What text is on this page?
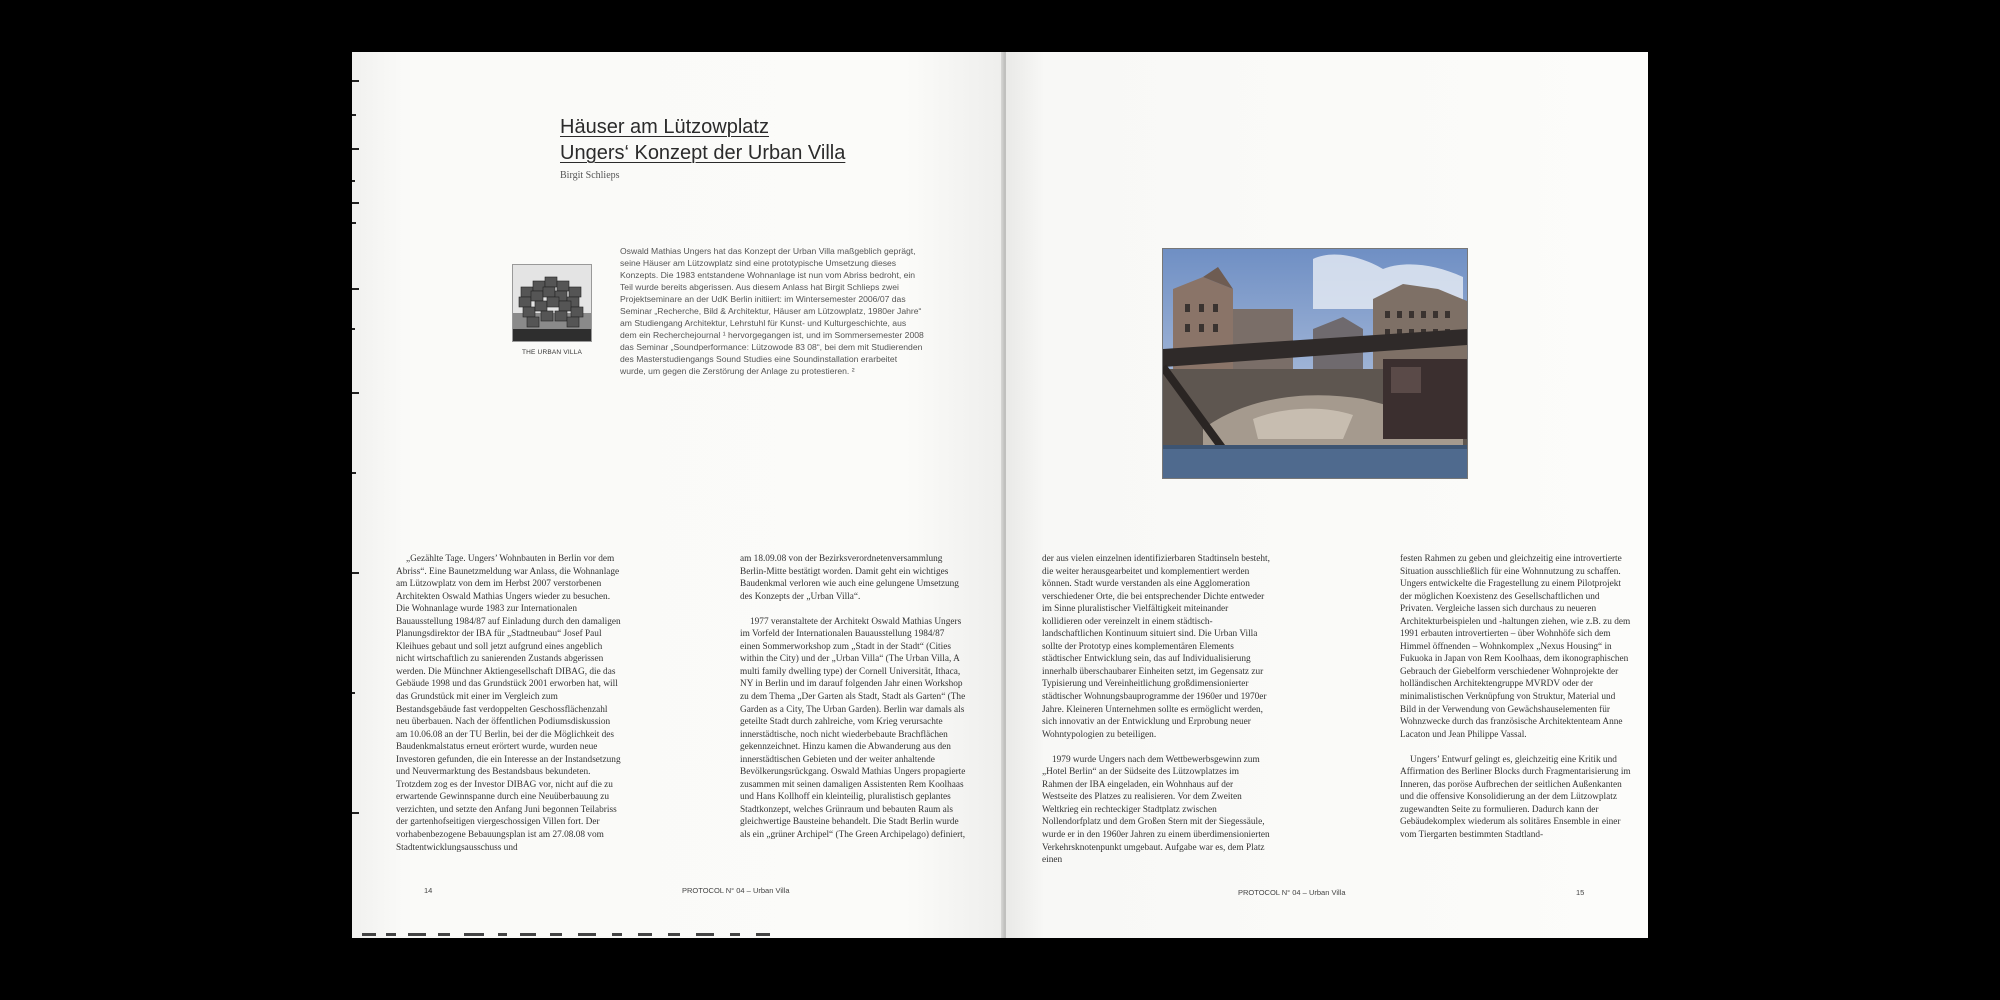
Häuser am Lützowplatz
Ungers‘ Konzept der Urban Villa
Birgit Schlieps
THE URBAN VILLA
Oswald Mathias Ungers hat das Konzept der Urban Villa maßgeblich geprägt, seine Häuser am Lützowplatz sind eine prototypische Umsetzung dieses Konzepts. Die 1983 entstandene Wohnanlage ist nun vom Abriss bedroht, ein Teil wurde bereits abgerissen. Aus diesem Anlass hat Birgit Schlieps zwei Projektseminare an der UdK Berlin initiiert: im Wintersemester 2006/07 das Seminar „Recherche, Bild & Architektur, Häuser am Lützowplatz, 1980er Jahre“ am Studiengang Architektur, Lehrstuhl für Kunst- und Kulturgeschichte, aus dem ein Recherchejournal ¹ hervorgegangen ist, und im Sommersemester 2008 das Seminar „Soundperformance: Lützowode 83 08“, bei dem mit Studierenden des Masterstudiengangs Sound Studies eine Soundinstallation erarbeitet wurde, um gegen die Zerstörung der Anlage zu protestieren. ²

„Gezählte Tage. Ungers’ Wohnbauten in Berlin vor dem Abriss“. Eine Baunetzmeldung war Anlass, die Wohnanlage am Lützowplatz von dem im Herbst 2007 verstorbenen Architekten Oswald Mathias Ungers wieder zu besuchen. Die Wohnanlage wurde 1983 zur Internationalen Bauausstellung 1984/87 auf Einladung durch den damaligen Planungsdirektor der IBA für „Stadtneubau“ Josef Paul Kleihues gebaut und soll jetzt aufgrund eines angeblich nicht wirtschaftlich zu sanierenden Zustands abgerissen werden. Die Münchner Aktiengesellschaft DIBAG, die das Gebäude 1998 und das Grundstück 2001 erworben hat, will das Grundstück mit einer im Vergleich zum Bestandsgebäude fast verdoppelten Geschossflächenzahl neu überbauen. Nach der öffentlichen Podiumsdiskussion am 10.06.08 an der TU Berlin, bei der die Möglichkeit des Baudenkmalstatus erneut erörtert wurde, wurden neue Investoren gefunden, die ein Interesse an der Instandsetzung und Neuvermarktung des Bestandsbaus bekundeten. Trotzdem zog es der Investor DIBAG vor, nicht auf die zu erwartende Gewinnspanne durch eine Neuüberbauung zu verzichten, und setzte den Anfang Juni begonnen Teilabriss der gartenhofseitigen viergeschossigen Villen fort. Der vorhabenbezogene Bebauungsplan ist am 27.08.08 vom Stadtentwicklungsausschuss und

am 18.09.08 von der Bezirksverordnetenversammlung Berlin-Mitte bestätigt worden. Damit geht ein wichtiges Baudenkmal verloren wie auch eine gelungene Umsetzung des Konzepts der „Urban Villa“.

1977 veranstaltete der Architekt Oswald Mathias Ungers im Vorfeld der Internationalen Bauausstellung 1984/87 einen Sommerworkshop zum „Stadt in der Stadt“ (Cities within the City) und der „Urban Villa“ (The Urban Villa, A multi family dwelling type) der Cornell Universität, Ithaca, NY in Berlin und im darauf folgenden Jahr einen Workshop zu dem Thema „Der Garten als Stadt, Stadt als Garten“ (The Garden as a City, The Urban Garden). Berlin war damals als geteilte Stadt durch zahlreiche, vom Krieg verursachte innerstädtische, noch nicht wiederbebaute Brachflächen gekennzeichnet. Hinzu kamen die Abwanderung aus den innerstädtischen Gebieten und der weiter anhaltende Bevölkerungsrückgang. Oswald Mathias Ungers propagierte zusammen mit seinen damaligen Assistenten Rem Koolhaas und Hans Kollhoff ein kleinteilig, pluralistisch geplantes Stadtkonzept, welches Grünraum und bebauten Raum als gleichwertige Bausteine behandelt. Die Stadt Berlin wurde als ein „grüner Archipel“ (The Green Archipelago) definiert,

14	PROTOCOL N° 04 – Urban Villa

der aus vielen einzelnen identifizierbaren Stadtinseln besteht, die weiter herausgearbeitet und komplementiert werden können. Stadt wurde verstanden als eine Agglomeration verschiedener Orte, die bei entsprechender Dichte entweder im Sinne pluralistischer Vielfältigkeit miteinander kollidieren oder vereinzelt in einem städtisch-landschaftlichen Kontinuum situiert sind. Die Urban Villa sollte der Prototyp eines komplementären Elements städtischer Entwicklung sein, das auf Individualisierung innerhalb überschaubarer Einheiten setzt, im Gegensatz zur Typisierung und Vereinheitlichung großdimensionierter städtischer Wohnungsbauprogramme der 1960er und 1970er Jahre. Kleineren Unternehmen sollte es ermöglicht werden, sich innovativ an der Entwicklung und Erprobung neuer Wohntypologien zu beteiligen.

1979 wurde Ungers nach dem Wettbewerbsgewinn zum „Hotel Berlin“ an der Südseite des Lützowplatzes im Rahmen der IBA eingeladen, ein Wohnhaus auf der Westseite des Platzes zu realisieren. Vor dem Zweiten Weltkrieg ein rechteckiger Stadtplatz zwischen Nollendorfplatz und dem Großen Stern mit der Siegessäule, wurde er in den 1960er Jahren zu einem überdimensionierten Verkehrsknotenpunkt umgebaut. Aufgabe war es, dem Platz einen

festen Rahmen zu geben und gleichzeitig eine introvertierte Situation ausschließlich für eine Wohnnutzung zu schaffen. Ungers entwickelte die Fragestellung zu einem Pilotprojekt der möglichen Koexistenz des Gesellschaftlichen und Privaten. Vergleiche lassen sich durchaus zu neueren Architekturbeispielen und -haltungen ziehen, wie z.B. zu dem 1991 erbauten introvertierten – über Wohnhöfe sich dem Himmel öffnenden – Wohnkomplex „Nexus Housing“ in Fukuoka in Japan von Rem Koolhaas, dem ikonographischen Gebrauch der Giebelform verschiedener Wohnprojekte der holländischen Architektengruppe MVRDV oder der minimalistischen Verknüpfung von Struktur, Material und Bild in der Verwendung von Gewächshauselementen für Wohnzwecke durch das französische Architektenteam Anne Lacaton und Jean Philippe Vassal.

Ungers’ Entwurf gelingt es, gleichzeitig eine Kritik und Affirmation des Berliner Blocks durch Fragmentarisierung im Inneren, das poröse Aufbrechen der seitlichen Außenkanten und die offensive Konsolidierung an der dem Lützowplatz zugewandten Seite zu formulieren. Dadurch kann der Gebäudekomplex wiederum als solitäres Ensemble in einer vom Tiergarten bestimmten Stadtland-

PROTOCOL N° 04 – Urban Villa	15
